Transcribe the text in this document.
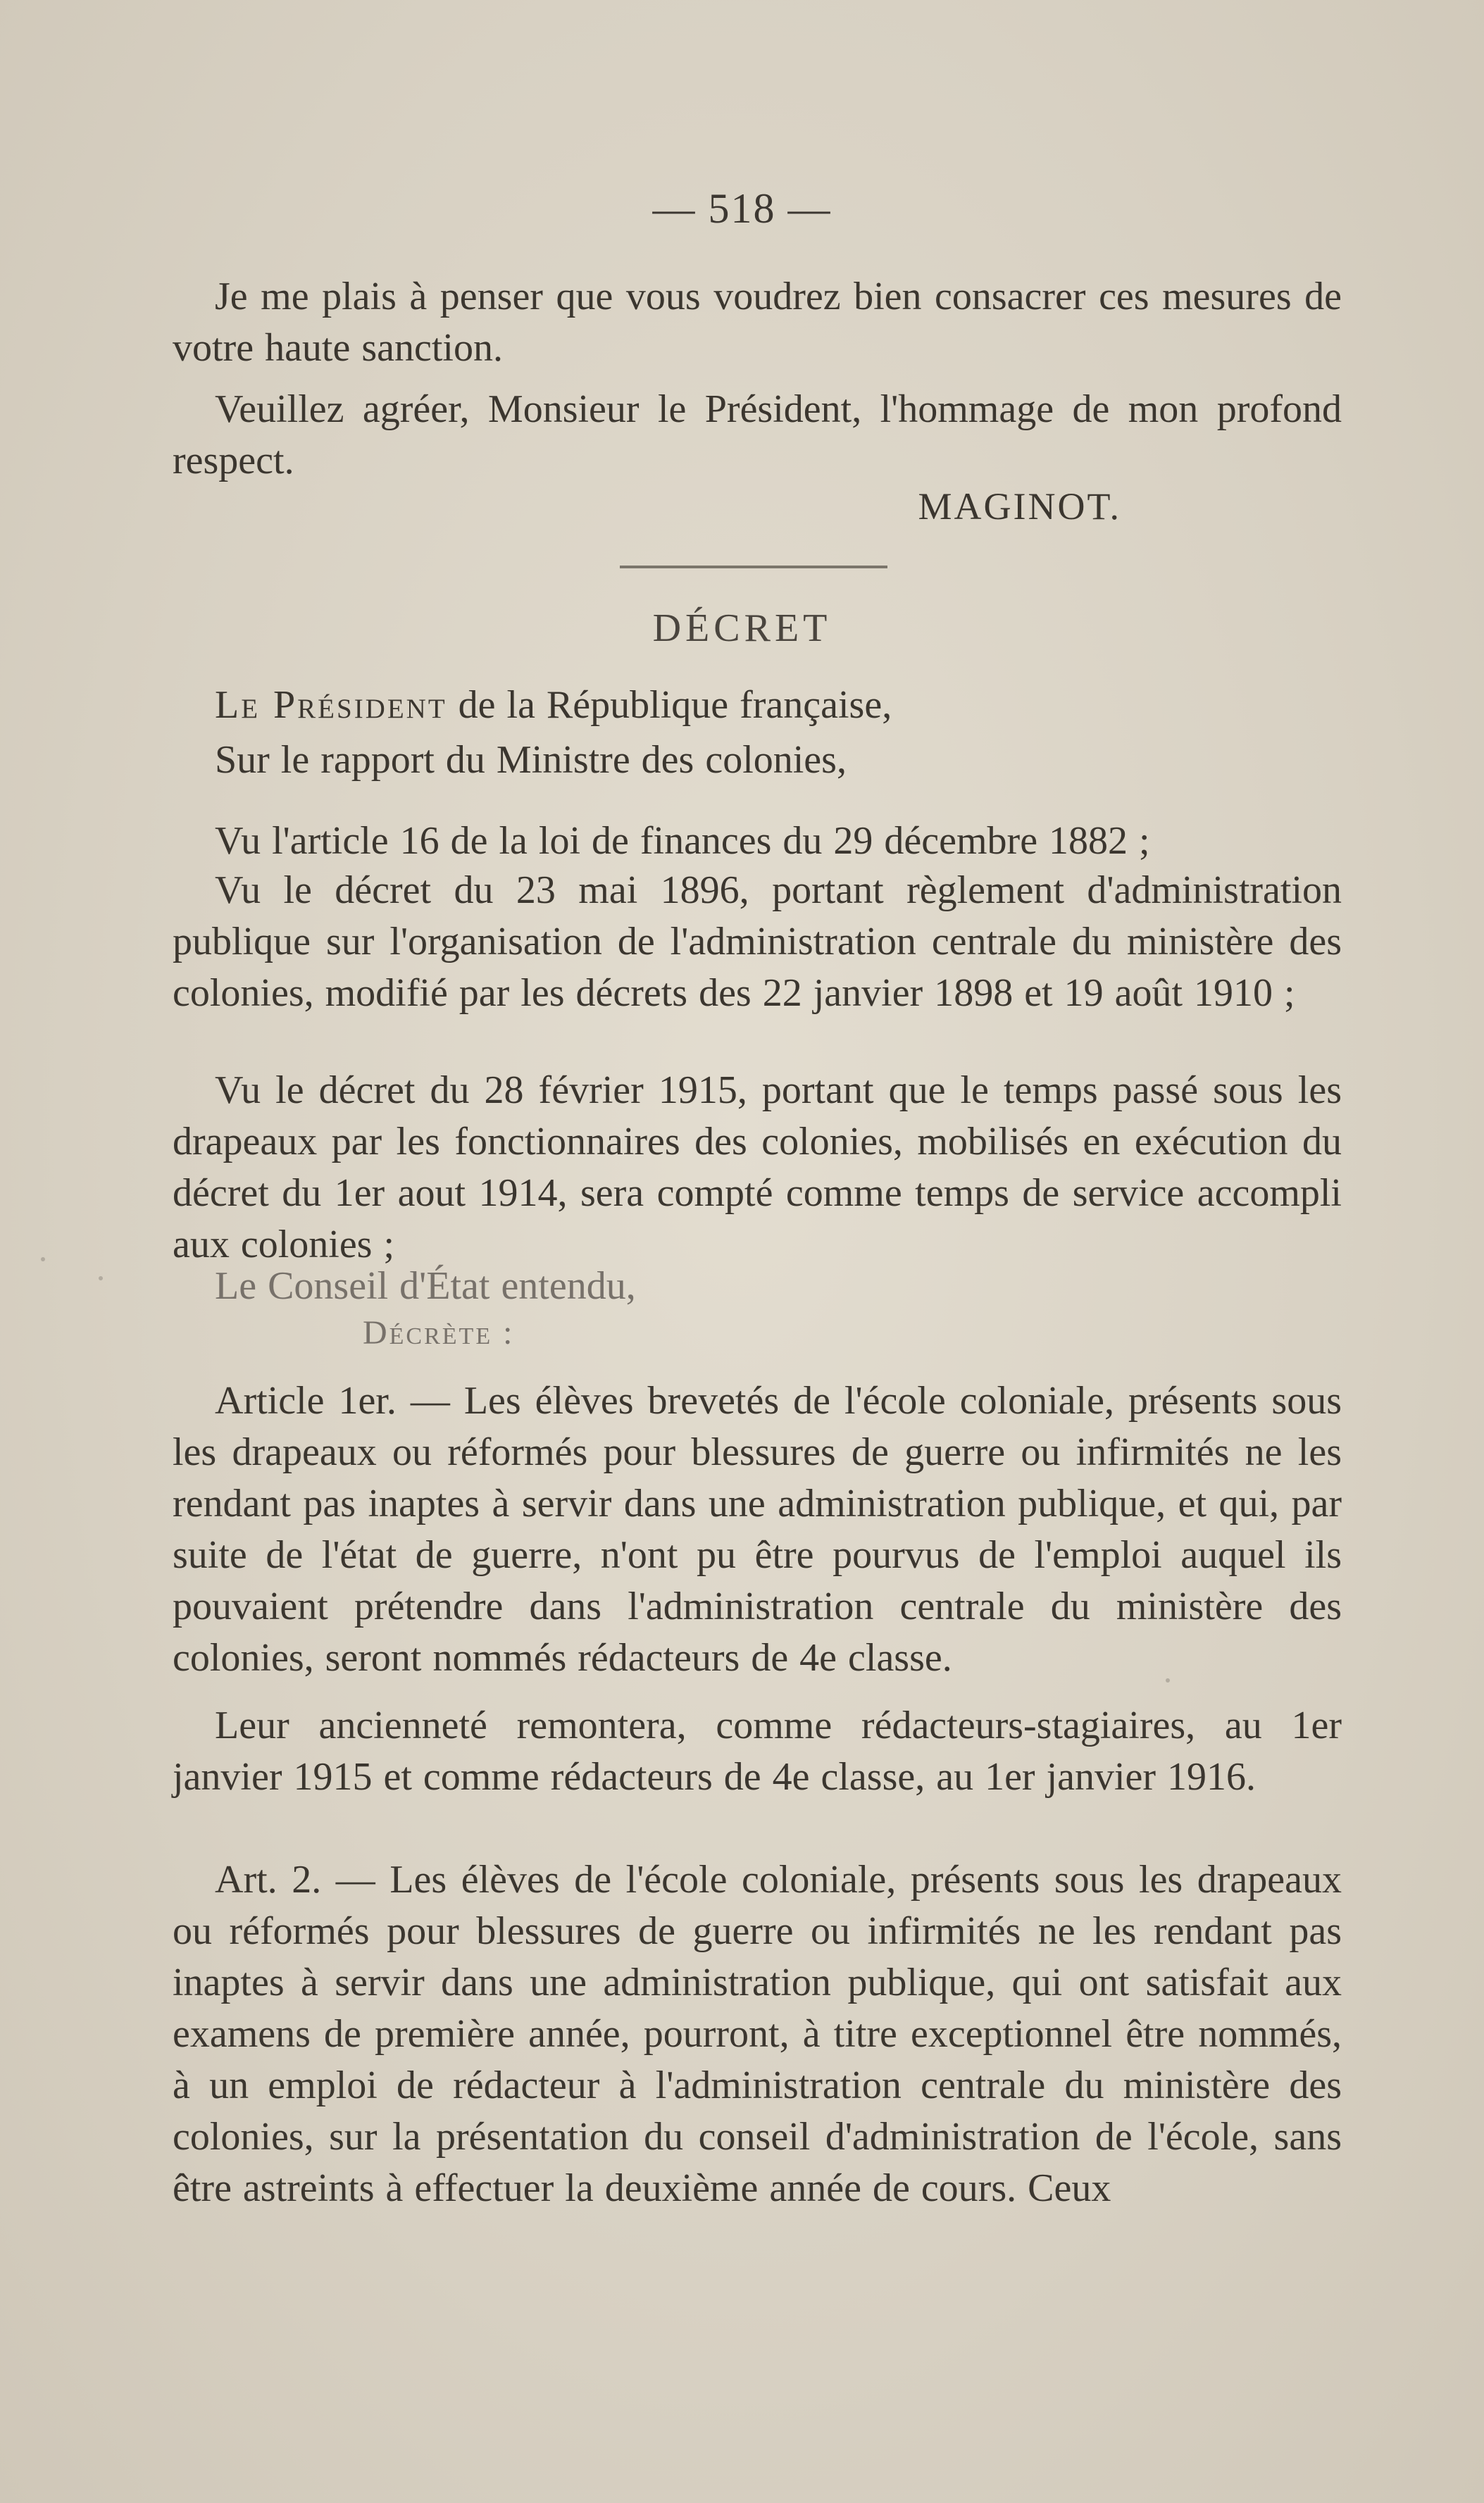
— 518 —

Je me plais à penser que vous voudrez bien consacrer ces mesures de votre haute sanction.

Veuillez agréer, Monsieur le Président, l'hommage de mon profond respect.

MAGINOT.
DÉCRET

Le Président de la République française,

Sur le rapport du Ministre des colonies,

Vu l'article 16 de la loi de finances du 29 décembre 1882 ;

Vu le décret du 23 mai 1896, portant règlement d'administration publique sur l'organisation de l'administration centrale du ministère des colonies, modifié par les décrets des 22 janvier 1898 et 19 août 1910 ;

Vu le décret du 28 février 1915, portant que le temps passé sous les drapeaux par les fonctionnaires des colonies, mobilisés en exécution du décret du 1er aout 1914, sera compté comme temps de service accompli aux colonies ;

Le Conseil d'État entendu,

Décrète :

Article 1er. — Les élèves brevetés de l'école coloniale, présents sous les drapeaux ou réformés pour blessures de guerre ou infirmités ne les rendant pas inaptes à servir dans une administration publique, et qui, par suite de l'état de guerre, n'ont pu être pourvus de l'emploi auquel ils pouvaient prétendre dans l'administration centrale du ministère des colonies, seront nommés rédacteurs de 4e classe.

Leur ancienneté remontera, comme rédacteurs-stagiaires, au 1er janvier 1915 et comme rédacteurs de 4e classe, au 1er janvier 1916.

Art. 2. — Les élèves de l'école coloniale, présents sous les drapeaux ou réformés pour blessures de guerre ou infirmités ne les rendant pas inaptes à servir dans une administration publique, qui ont satisfait aux examens de première année, pourront, à titre exceptionnel être nommés, à un emploi de rédacteur à l'administration centrale du ministère des colonies, sur la présentation du conseil d'administration de l'école, sans être astreints à effectuer la deuxième année de cours. Ceux
